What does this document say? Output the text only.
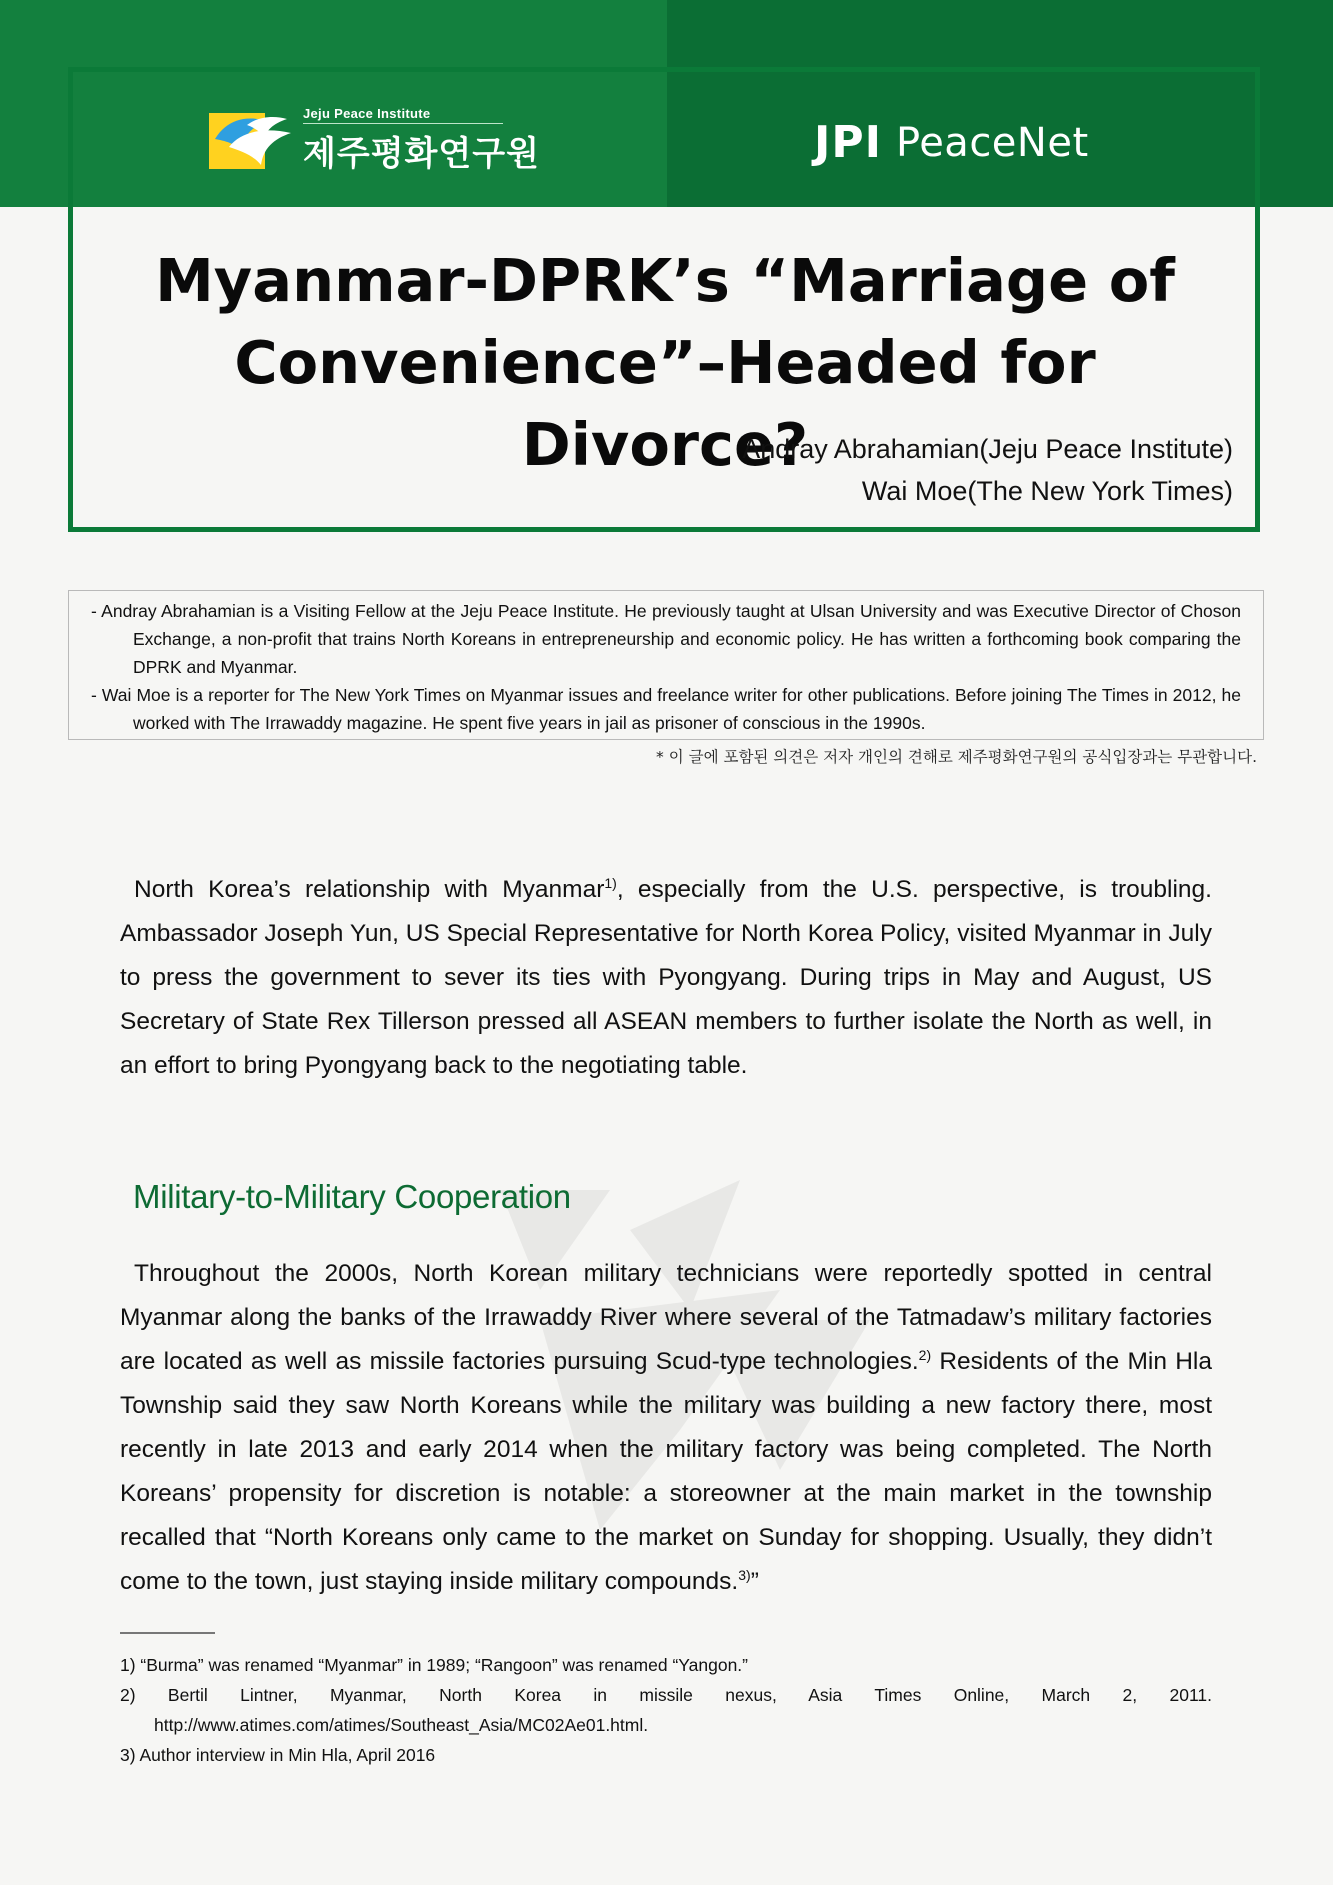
Jeju Peace Institute
제주평화연구원	JPI PeaceNet
Myanmar-DPRK’s “Marriage of
Convenience”–Headed for Divorce?
Andray Abrahamian(Jeju Peace Institute)
Wai Moe(The New York Times)
- Andray Abrahamian is a Visiting Fellow at the Jeju Peace Institute. He previously taught at Ulsan University and was Executive Director of Choson Exchange, a non-profit that trains North Koreans in entrepreneurship and economic policy. He has written a forthcoming book comparing the DPRK and Myanmar.
- Wai Moe is a reporter for The New York Times on Myanmar issues and freelance writer for other publications. Before joining The Times in 2012, he worked with The Irrawaddy magazine. He spent five years in jail as prisoner of conscious in the 1990s.
* 이 글에 포함된 의견은 저자 개인의 견해로 제주평화연구원의 공식입장과는 무관합니다.

North Korea’s relationship with Myanmar$^{1)}$, especially from the U.S. perspective, is troubling. Ambassador Joseph Yun, US Special Representative for North Korea Policy, visited Myanmar in July to press the government to sever its ties with Pyongyang. During trips in May and August, US Secretary of State Rex Tillerson pressed all ASEAN members to further isolate the North as well, in an effort to bring Pyongyang back to the negotiating table.

Military-to-Military Cooperation

Throughout the 2000s, North Korean military technicians were reportedly spotted in central Myanmar along the banks of the Irrawaddy River where several of the Tatmadaw’s military factories are located as well as missile factories pursuing Scud-type technologies.$^{2)}$ Residents of the Min Hla Township said they saw North Koreans while the military was building a new factory there, most recently in late 2013 and early 2014 when the military factory was being completed. The North Koreans’ propensity for discretion is notable: a storeowner at the main market in the township recalled that “North Koreans only came to the market on Sunday for shopping. Usually, they didn’t come to the town, just staying inside military compounds.$^{3)}$”

1) “Burma” was renamed “Myanmar” in 1989; “Rangoon” was renamed “Yangon.”
2) Bertil Lintner, Myanmar, North Korea in missile nexus, Asia Times Online, March 2, 2011. http://www.atimes.com/atimes/Southeast_Asia/MC02Ae01.html.
3) Author interview in Min Hla, April 2016
